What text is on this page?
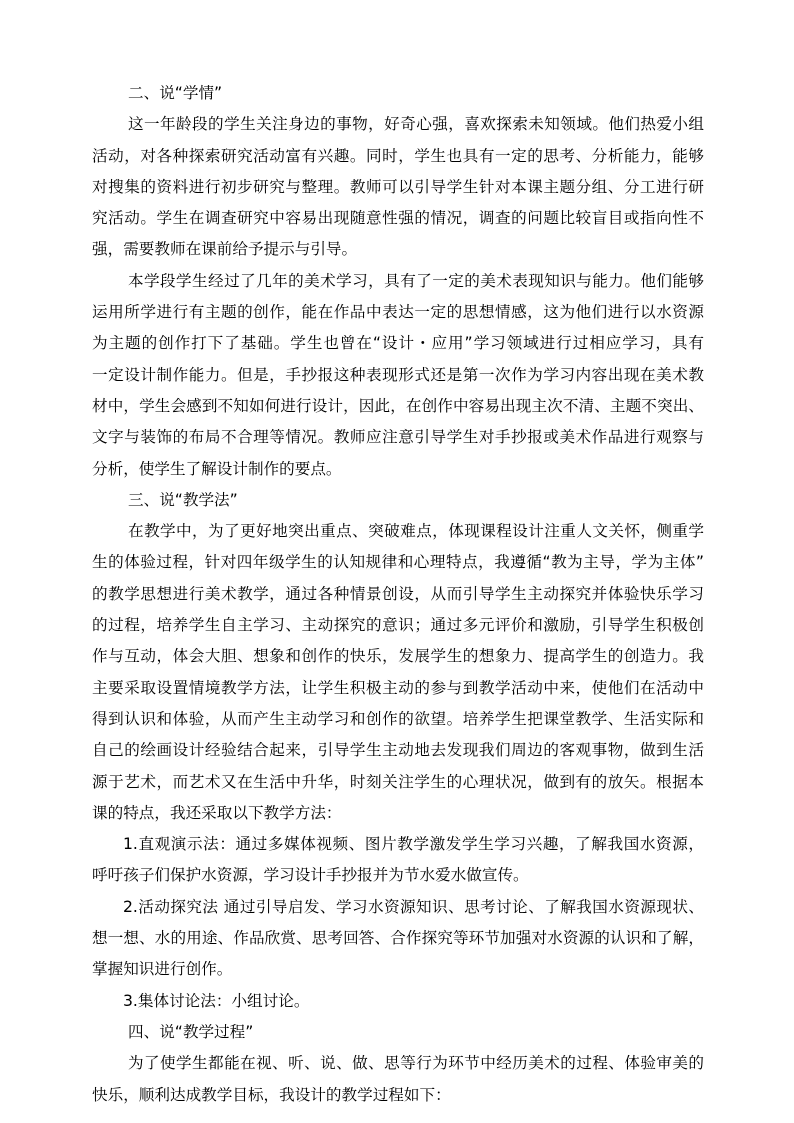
二、说“学情”
这一年龄段的学生关注身边的事物，好奇心强，喜欢探索未知领域。他们热爱小组
活动，对各种探索研究活动富有兴趣。同时，学生也具有一定的思考、分析能力，能够
对搜集的资料进行初步研究与整理。教师可以引导学生针对本课主题分组、分工进行研
究活动。学生在调查研究中容易出现随意性强的情况，调查的问题比较盲目或指向性不
强，需要教师在课前给予提示与引导。
本学段学生经过了几年的美术学习，具有了一定的美术表现知识与能力。他们能够
运用所学进行有主题的创作，能在作品中表达一定的思想情感，这为他们进行以水资源
为主题的创作打下了基础。学生也曾在“设计・应用”学习领域进行过相应学习，具有
一定设计制作能力。但是，手抄报这种表现形式还是第一次作为学习内容出现在美术教
材中，学生会感到不知如何进行设计，因此，在创作中容易出现主次不清、主题不突出、
文字与装饰的布局不合理等情况。教师应注意引导学生对手抄报或美术作品进行观察与
分析，使学生了解设计制作的要点。
三、说“教学法”
在教学中，为了更好地突出重点、突破难点，体现课程设计注重人文关怀，侧重学
生的体验过程，针对四年级学生的认知规律和心理特点，我遵循“教为主导，学为主体”
的教学思想进行美术教学，通过各种情景创设，从而引导学生主动探究并体验快乐学习
的过程，培养学生自主学习、主动探究的意识；通过多元评价和激励，引导学生积极创
作与互动，体会大胆、想象和创作的快乐，发展学生的想象力、提高学生的创造力。我
主要采取设置情境教学方法，让学生积极主动的参与到教学活动中来，使他们在活动中
得到认识和体验，从而产生主动学习和创作的欲望。培养学生把课堂教学、生活实际和
自己的绘画设计经验结合起来，引导学生主动地去发现我们周边的客观事物，做到生活
源于艺术，而艺术又在生活中升华，时刻关注学生的心理状况，做到有的放矢。根据本
课的特点，我还采取以下教学方法：
1.直观演示法：通过多媒体视频、图片教学激发学生学习兴趣，了解我国水资源，
呼吁孩子们保护水资源，学习设计手抄报并为节水爱水做宣传。
2.活动探究法 通过引导启发、学习水资源知识、思考讨论、了解我国水资源现状、
想一想、水的用途、作品欣赏、思考回答、合作探究等环节加强对水资源的认识和了解，
掌握知识进行创作。
3.集体讨论法：小组讨论。
四、说“教学过程”
为了使学生都能在视、听、说、做、思等行为环节中经历美术的过程、体验审美的
快乐，顺利达成教学目标，我设计的教学过程如下：
